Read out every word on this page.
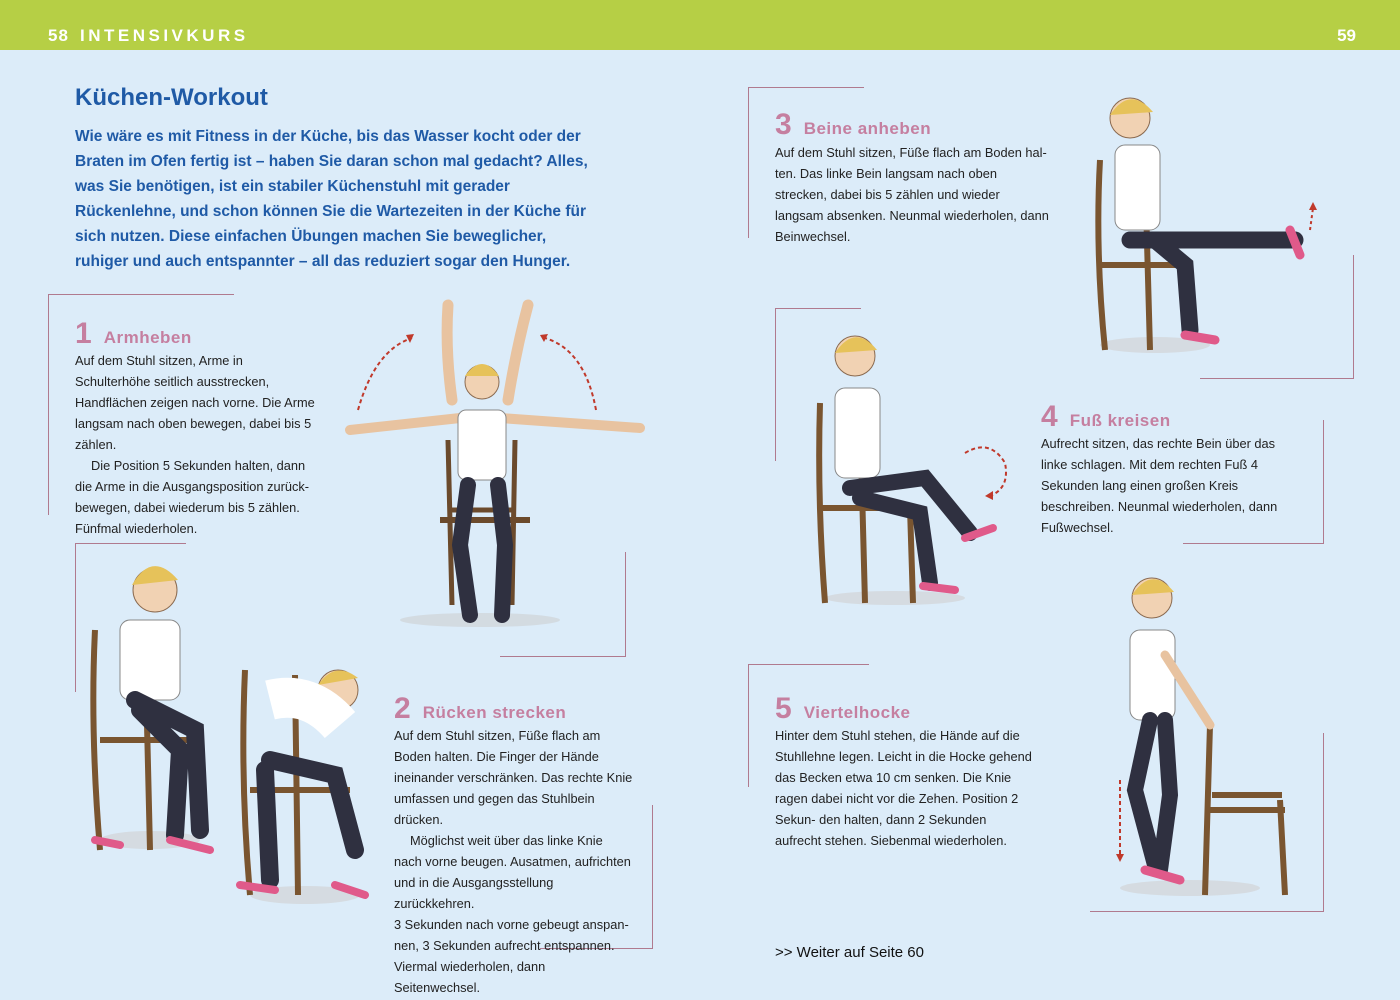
58 INTENSIVKURS	59
Küchen-Workout
Wie wäre es mit Fitness in der Küche, bis das Wasser kocht oder der Braten im Ofen fertig ist – haben Sie daran schon mal gedacht? Alles, was Sie benötigen, ist ein stabiler Küchenstuhl mit gerader Rückenlehne, und schon können Sie die Wartezeiten in der Küche für sich nutzen. Diese einfachen Übungen machen Sie beweglicher, ruhiger und auch entspannter – all das reduziert sogar den Hunger.
1 Armheben

Auf dem Stuhl sitzen, Arme in Schulterhöhe seitlich ausstrecken, Handflächen zeigen nach vorne. Die Arme langsam nach oben bewegen, dabei bis 5 zählen.

Die Position 5 Sekunden halten, dann die Arme in die Ausgangsposition zurück- bewegen, dabei wiederum bis 5 zählen. Fünfmal wiederholen.

2 Rücken strecken

Auf dem Stuhl sitzen, Füße flach am Boden halten. Die Finger der Hände ineinander verschränken. Das rechte Knie umfassen und gegen das Stuhlbein drücken.

Möglichst weit über das linke Knie nach vorne beugen. Ausatmen, aufrichten und in die Ausgangsstellung zurückkehren.

3 Sekunden nach vorne gebeugt anspan- nen, 3 Sekunden aufrecht entspannen. Viermal wiederholen, dann Seitenwechsel.

3 Beine anheben

Auf dem Stuhl sitzen, Füße flach am Boden hal- ten. Das linke Bein langsam nach oben strecken, dabei bis 5 zählen und wieder langsam absenken. Neunmal wiederholen, dann Beinwechsel.

4 Fuß kreisen

Aufrecht sitzen, das rechte Bein über das linke schlagen. Mit dem rechten Fuß 4 Sekunden lang einen großen Kreis beschreiben. Neunmal wiederholen, dann Fußwechsel.

5 Viertelhocke

Hinter dem Stuhl stehen, die Hände auf die Stuhllehne legen. Leicht in die Hocke gehend das Becken etwa 10 cm senken. Die Knie ragen dabei nicht vor die Zehen. Position 2 Sekun- den halten, dann 2 Sekunden aufrecht stehen. Siebenmal wiederholen.

>> Weiter auf Seite 60
